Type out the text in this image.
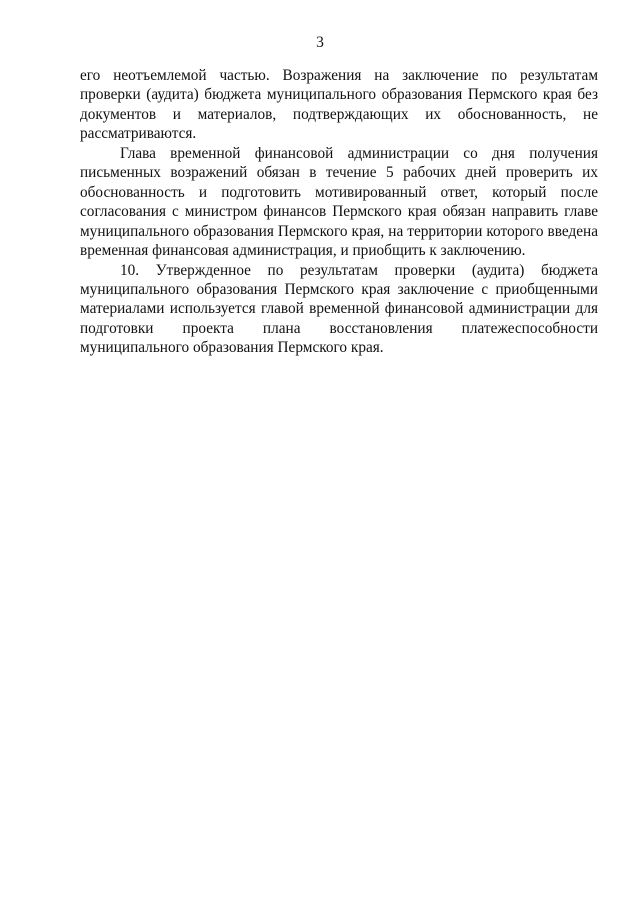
3

его неотъемлемой частью. Возражения на заключение по результатам проверки (аудита) бюджета муниципального образования Пермского края без документов и материалов, подтверждающих их обоснованность, не рассматриваются.

Глава временной финансовой администрации со дня получения письменных возражений обязан в течение 5 рабочих дней проверить их обоснованность и подготовить мотивированный ответ, который после согласования с министром финансов Пермского края обязан направить главе муниципального образования Пермского края, на территории которого введена временная финансовая администрация, и приобщить к заключению.

10. Утвержденное по результатам проверки (аудита) бюджета муниципального образования Пермского края заключение с приобщенными материалами используется главой временной финансовой администрации для подготовки проекта плана восстановления платежеспособности муниципального образования Пермского края.
